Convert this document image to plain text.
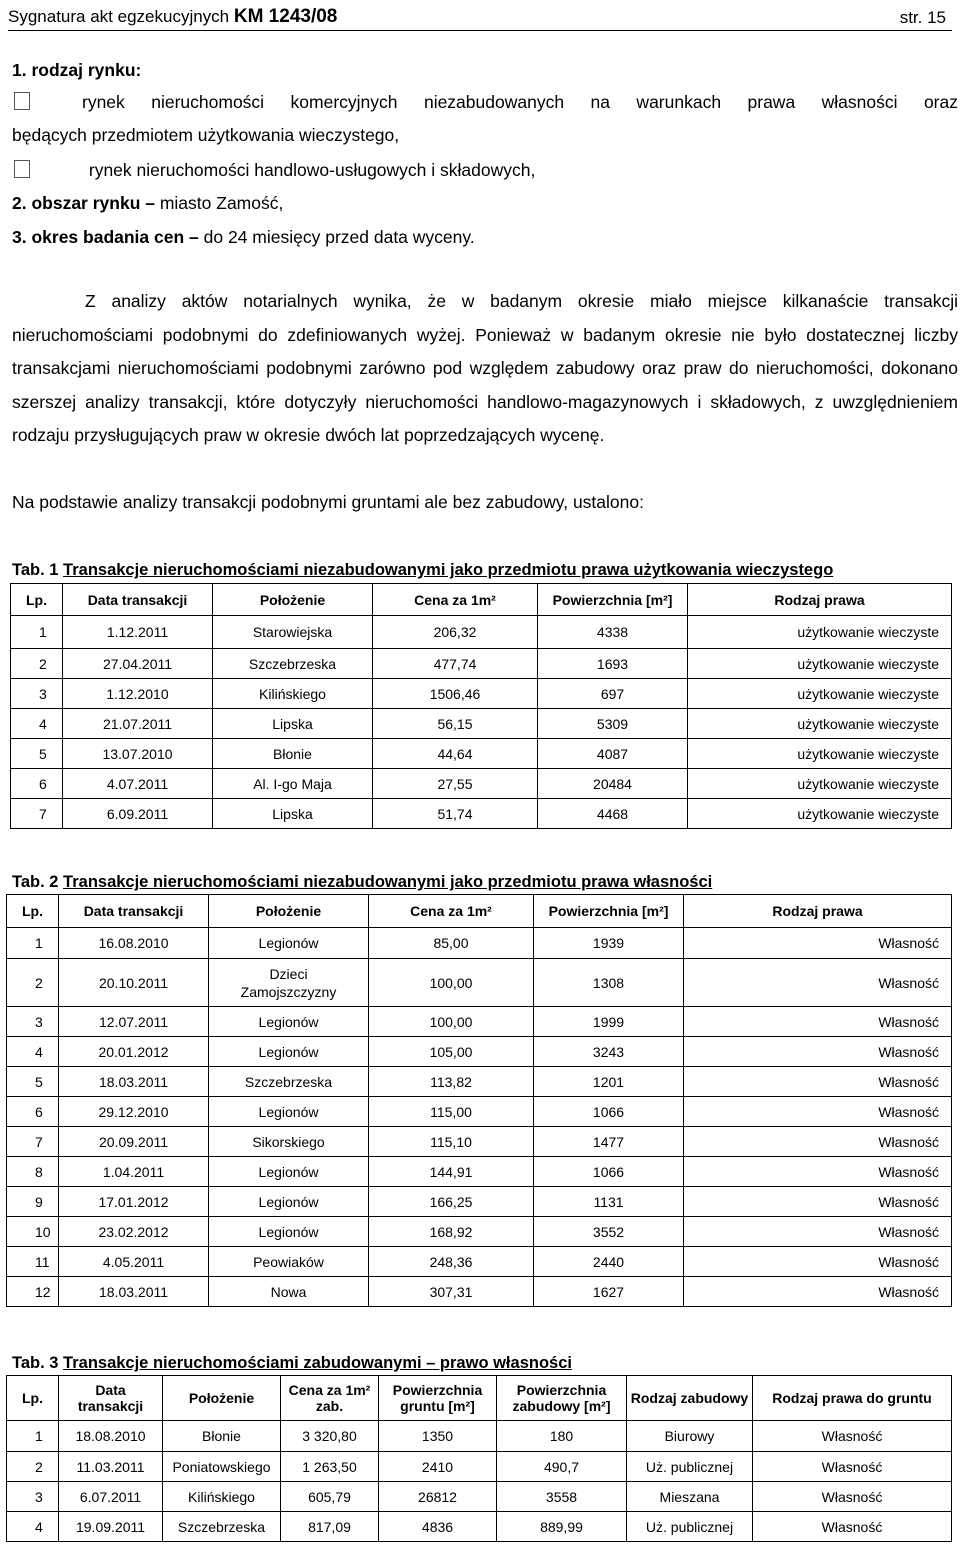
Sygnatura akt egzekucyjnych KM 1243/08	str. 15
1. rodzaj rynku:
rynek nieruchomości komercyjnych niezabudowanych na warunkach prawa własności oraz
będących przedmiotem użytkowania wieczystego,
rynek nieruchomości handlowo-usługowych i składowych,
2. obszar rynku – miasto Zamość,
3. okres badania cen – do 24 miesięcy przed data wyceny.
Z analizy aktów notarialnych wynika, że w badanym okresie miało miejsce kilkanaście transakcji nieruchomościami podobnymi do zdefiniowanych wyżej. Ponieważ w badanym okresie nie było dostatecznej liczby transakcjami nieruchomościami podobnymi zarówno pod względem zabudowy oraz praw do nieruchomości, dokonano szerszej analizy transakcji, które dotyczyły nieruchomości handlowo-magazynowych i składowych, z uwzględnieniem rodzaju przysługujących praw w okresie dwóch lat poprzedzających wycenę.
Na podstawie analizy transakcji podobnymi gruntami ale bez zabudowy, ustalono:
Tab. 1 Transakcje nieruchomościami niezabudowanymi jako przedmiotu prawa użytkowania wieczystego
Lp.	Data transakcji	Położenie	Cena za 1m²	Powierzchnia [m²]	Rodzaj prawa
1	1.12.2011	Starowiejska	206,32	4338	użytkowanie wieczyste
2	27.04.2011	Szczebrzeska	477,74	1693	użytkowanie wieczyste
3	1.12.2010	Kilińskiego	1506,46	697	użytkowanie wieczyste
4	21.07.2011	Lipska	56,15	5309	użytkowanie wieczyste
5	13.07.2010	Błonie	44,64	4087	użytkowanie wieczyste
6	4.07.2011	Al. I-go Maja	27,55	20484	użytkowanie wieczyste
7	6.09.2011	Lipska	51,74	4468	użytkowanie wieczyste
Tab. 2 Transakcje nieruchomościami niezabudowanymi jako przedmiotu prawa własności
Lp.	Data transakcji	Położenie	Cena za 1m²	Powierzchnia [m²]	Rodzaj prawa
1	16.08.2010	Legionów	85,00	1939	Własność
2	20.10.2011	Dzieci Zamojszczyzny	100,00	1308	Własność
3	12.07.2011	Legionów	100,00	1999	Własność
4	20.01.2012	Legionów	105,00	3243	Własność
5	18.03.2011	Szczebrzeska	113,82	1201	Własność
6	29.12.2010	Legionów	115,00	1066	Własność
7	20.09.2011	Sikorskiego	115,10	1477	Własność
8	1.04.2011	Legionów	144,91	1066	Własność
9	17.01.2012	Legionów	166,25	1131	Własność
10	23.02.2012	Legionów	168,92	3552	Własność
11	4.05.2011	Peowiaków	248,36	2440	Własność
12	18.03.2011	Nowa	307,31	1627	Własność
Tab. 3 Transakcje nieruchomościami zabudowanymi – prawo własności
Lp.	Data transakcji	Położenie	Cena za 1m² zab.	Powierzchnia gruntu [m²]	Powierzchnia zabudowy [m²]	Rodzaj zabudowy	Rodzaj prawa do gruntu
1	18.08.2010	Błonie	3 320,80	1350	180	Biurowy	Własność
2	11.03.2011	Poniatowskiego	1 263,50	2410	490,7	Uż. publicznej	Własność
3	6.07.2011	Kilińskiego	605,79	26812	3558	Mieszana	Własność
4	19.09.2011	Szczebrzeska	817,09	4836	889,99	Uż. publicznej	Własność
